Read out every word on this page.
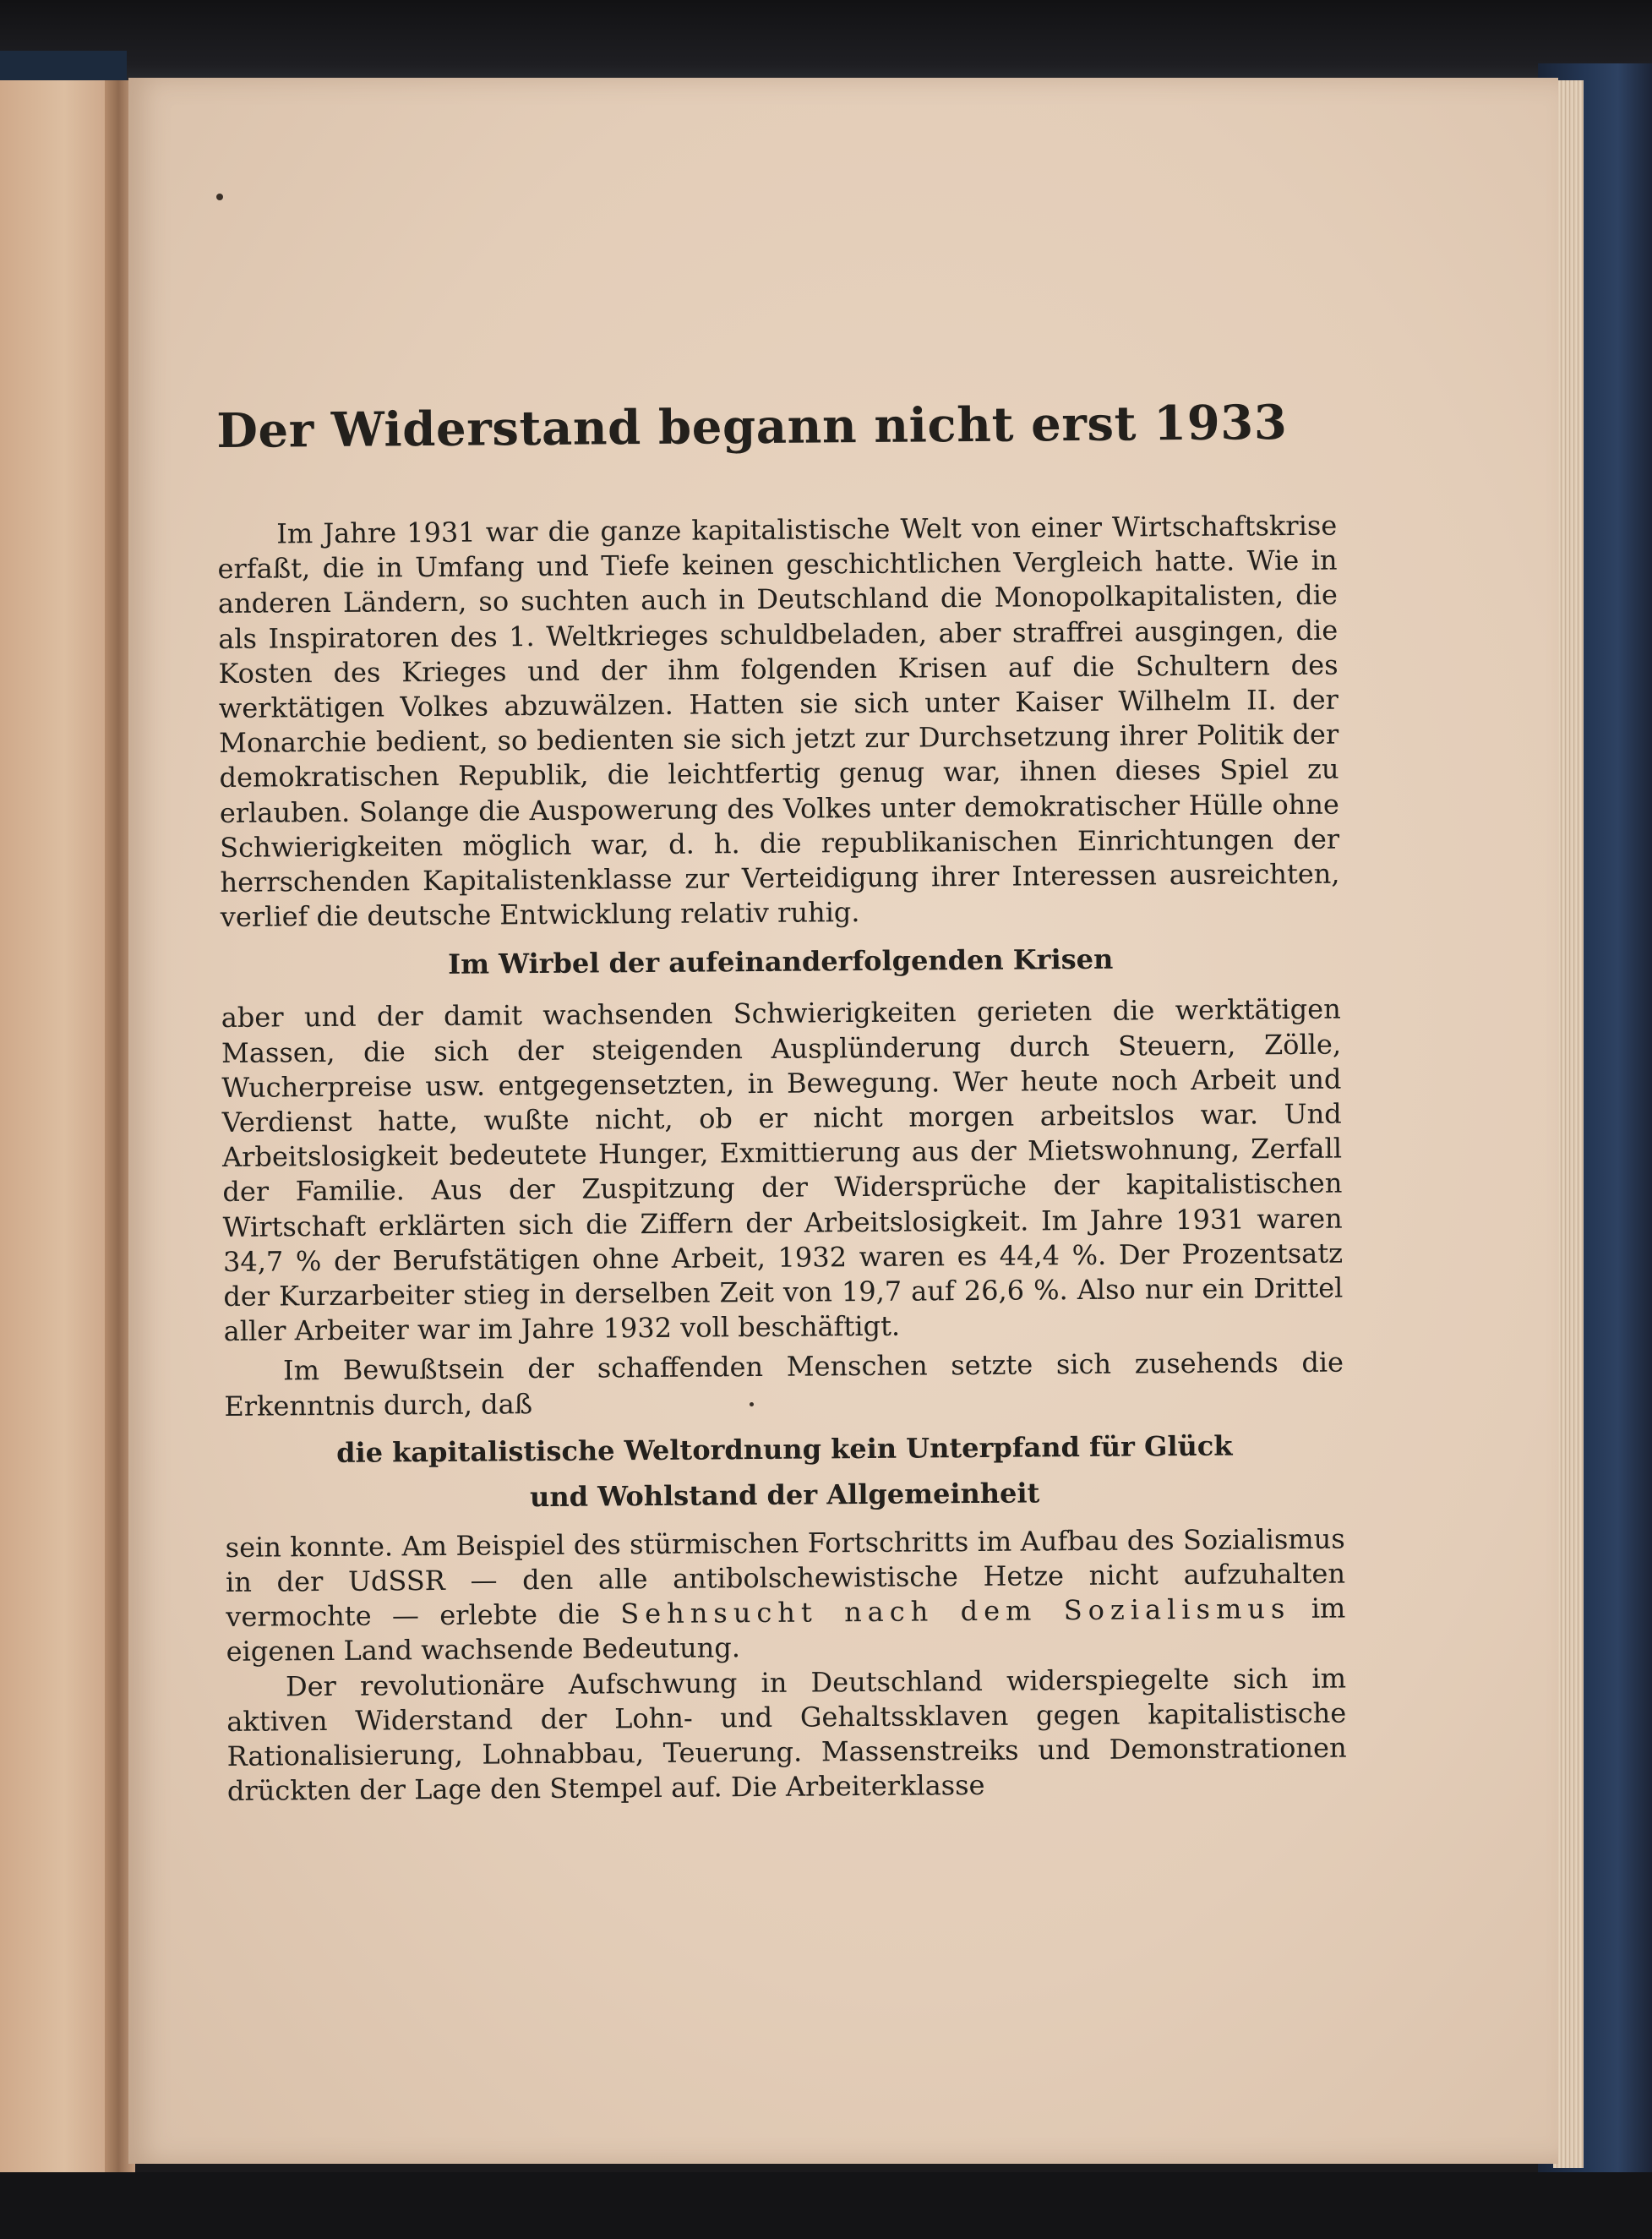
Der Widerstand begann nicht erst 1933

Im Jahre 1931 war die ganze kapitalistische Welt von einer Wirtschaftskrise erfaßt, die in Umfang und Tiefe keinen geschichtlichen Vergleich hatte. Wie in anderen Ländern, so suchten auch in Deutschland die Monopolkapitalisten, die als Inspiratoren des 1. Weltkrieges schuldbeladen, aber straffrei ausgingen, die Kosten des Krieges und der ihm folgenden Krisen auf die Schultern des werktätigen Volkes abzuwälzen. Hatten sie sich unter Kaiser Wilhelm II. der Monarchie bedient, so bedienten sie sich jetzt zur Durchsetzung ihrer Politik der demokratischen Republik, die leichtfertig genug war, ihnen dieses Spiel zu erlauben. Solange die Auspowerung des Volkes unter demokratischer Hülle ohne Schwierigkeiten möglich war, d. h. die republikanischen Einrichtungen der herrschenden Kapitalistenklasse zur Verteidigung ihrer Interessen ausreichten, verlief die deutsche Entwicklung relativ ruhig.

Im Wirbel der aufeinanderfolgenden Krisen

aber und der damit wachsenden Schwierigkeiten gerieten die werktätigen Massen, die sich der steigenden Ausplünderung durch Steuern, Zölle, Wucherpreise usw. entgegensetzten, in Bewegung. Wer heute noch Arbeit und Verdienst hatte, wußte nicht, ob er nicht morgen arbeitslos war. Und Arbeitslosigkeit bedeutete Hunger, Exmittierung aus der Mietswohnung, Zerfall der Familie. Aus der Zuspitzung der Widersprüche der kapitalistischen Wirtschaft erklärten sich die Ziffern der Arbeitslosigkeit. Im Jahre 1931 waren 34,7 % der Berufstätigen ohne Arbeit, 1932 waren es 44,4 %. Der Prozentsatz der Kurzarbeiter stieg in derselben Zeit von 19,7 auf 26,6 %. Also nur ein Drittel aller Arbeiter war im Jahre 1932 voll beschäftigt.

Im Bewußtsein der schaffenden Menschen setzte sich zusehends die Erkenntnis durch, daß

die kapitalistische Weltordnung kein Unterpfand für Glück
und Wohlstand der Allgemeinheit

sein konnte. Am Beispiel des stürmischen Fortschritts im Aufbau des Sozialismus in der UdSSR — den alle antibolschewistische Hetze nicht aufzuhalten vermochte — erlebte die Sehnsucht nach dem Sozialismus im eigenen Land wachsende Bedeutung.

Der revolutionäre Aufschwung in Deutschland widerspiegelte sich im aktiven Widerstand der Lohn- und Gehaltssklaven gegen kapitalistische Rationalisierung, Lohnabbau, Teuerung. Massenstreiks und Demonstrationen drückten der Lage den Stempel auf. Die Arbeiterklasse
